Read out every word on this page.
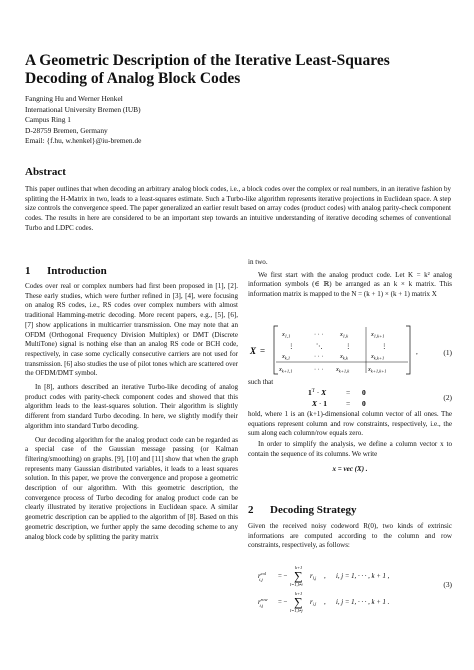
A Geometric Description of the Iterative Least-Squares Decoding of Analog Block Codes
Fangning Hu and Werner Henkel
International University Bremen (IUB)
Campus Ring 1
D-28759 Bremen, Germany
Email: {f.hu, w.henkel}@iu-bremen.de
Abstract

This paper outlines that when decoding an arbitrary analog block codes, i.e., a block codes over the complex or real numbers, in an iterative fashion by splitting the H-Matrix in two, leads to a least-squares estimate. Such a Turbo-like algorithm represents iterative projections in Euclidean space. A step size controls the convergence speed. The paper generalized an earlier result based on array codes (product codes) with analog parity-check component codes. The results in here are considered to be an important step towards an intuitive understanding of iterative decoding schemes of conventional Turbo and LDPC codes.

1 Introduction

Codes over real or complex numbers had first been proposed in [1], [2]. These early studies, which were further refined in [3], [4], were focusing on analog RS codes, i.e., RS codes over complex numbers with almost traditional Hamming-metric decoding. More recent papers, e.g., [5], [6], [7] show applications in multicarrier transmission. One may note that an OFDM (Orthogonal Frequency Division Multiplex) or DMT (Discrete MultiTone) signal is nothing else than an analog RS code or BCH code, respectively, in case some cyclically consecutive carriers are not used for transmission. [6] also studies the use of pilot tones which are scattered over the OFDM/DMT symbol.

In [8], authors described an iterative Turbo-like decoding of analog product codes with parity-check component codes and showed that this algorithm leads to the least-squares solution. Their algorithm is slightly different from standard Turbo decoding. In here, we slightly modify their algorithm into standard Turbo decoding.

Our decoding algorithm for the analog product code can be regarded as a special case of the Gaussian message passing (or Kalman filtering/smoothing) on graphs. [9], [10] and [11] show that when the graph represents many Gaussian distributed variables, it leads to a least squares solution. In this paper, we prove the convergence and propose a geometric description of our algorithm. With this geometric description, the convergence process of Turbo decoding for analog product code can be clearly illustrated by iterative projections in Euclidean space. A similar geometric description can be applied to the algorithm of [8]. Based on this geometric description, we further apply the same decoding scheme to any analog block code by splitting the parity matrix

in two.

We first start with the analog product code. Let K = k² analog information symbols (∈ ℝ) be arranged as an k × k matrix. This information matrix is mapped to the N = (k + 1) × (k + 1) matrix X

X =
$x_{1,1}$	· · ·	$x_{1,k}$	$x_{1,k+1}$
⋮	⋱	⋮	⋮
$x_{k,1}$	· · ·	$x_{k,k}$	$x_{k,k+1}$
$x_{k+1,1}$	· · · $x_{k+1,k}$	$x_{k+1,k+1}$
,	(1)
such that
$1^T \cdot X$	= 0
X · 1	= 0
(2)

hold, where 1 is an (k+1)-dimensional column vector of all ones. The equations represent column and row constraints, respectively, i.e., the sum along each column/row equals zero.

In order to simplify the analysis, we define a column vector x to contain the sequence of its columns. We write

x = vec (X) .

2 Decoding Strategy

Given the received noisy codeword R(0), two kinds of extrinsic informations are computed according to the column and row constraints, respectively, as follows:

$r^{col}$ i,j	= − ∑
k+1
l=1,l≠i
$r_{l,j}$ , i, j = 1, · · · , k + 1 ,
$r^{row}$ i,j	= − ∑
k+1
l=1,l≠j
$r_{i,l}$ , i, j = 1, · · · , k + 1 .
(3)
